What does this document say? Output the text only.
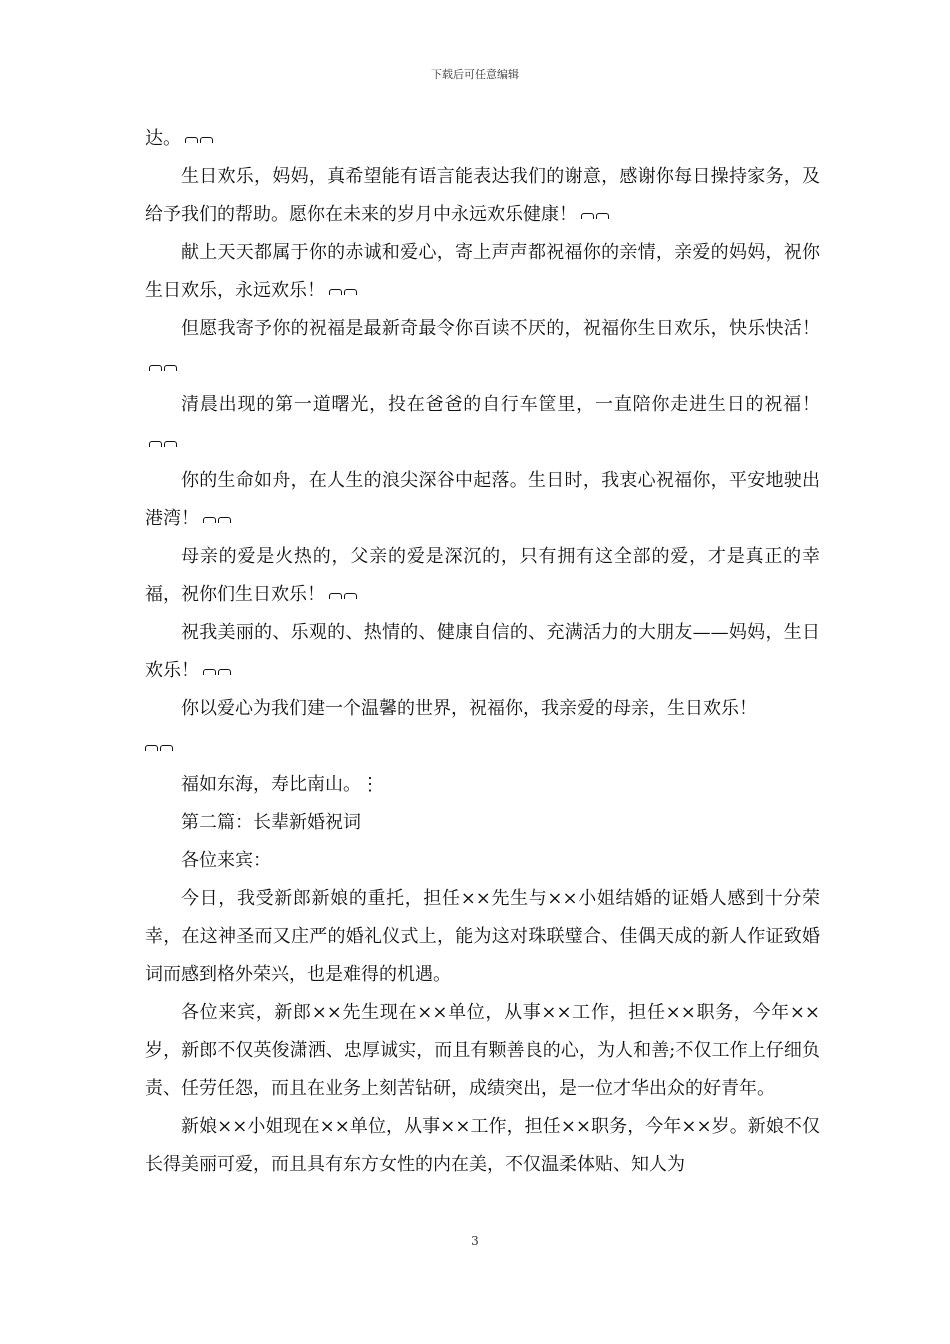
下载后可任意编辑

达。

生日欢乐，妈妈，真希望能有语言能表达我们的谢意，感谢你每日操持家务，及给予我们的帮助。愿你在未来的岁月中永远欢乐健康！

献上天天都属于你的赤诚和爱心，寄上声声都祝福你的亲情，亲爱的妈妈，祝你生日欢乐，永远欢乐！

但愿我寄予你的祝福是最新奇最令你百读不厌的，祝福你生日欢乐，快乐快活！

清晨出现的第一道曙光，投在爸爸的自行车筐里，一直陪你走进生日的祝福！

你的生命如舟，在人生的浪尖深谷中起落。生日时，我衷心祝福你，平安地驶出港湾！

母亲的爱是火热的，父亲的爱是深沉的，只有拥有这全部的爱，才是真正的幸福，祝你们生日欢乐！

祝我美丽的、乐观的、热情的、健康自信的、充满活力的大朋友——妈妈，生日欢乐！

你以爱心为我们建一个温馨的世界，祝福你，我亲爱的母亲，生日欢乐！

福如东海，寿比南山。⋮

第二篇：长辈新婚祝词

各位来宾：

今日，我受新郎新娘的重托，担任××先生与××小姐结婚的证婚人感到十分荣幸，在这神圣而又庄严的婚礼仪式上，能为这对珠联璧合、佳偶天成的新人作证致婚词而感到格外荣兴，也是难得的机遇。

各位来宾，新郎××先生现在××单位，从事××工作，担任××职务，今年××岁，新郎不仅英俊潇洒、忠厚诚实，而且有颗善良的心，为人和善;不仅工作上仔细负责、任劳任怨，而且在业务上刻苦钻研，成绩突出，是一位才华出众的好青年。

新娘××小姐现在××单位，从事××工作，担任××职务，今年××岁。新娘不仅长得美丽可爱，而且具有东方女性的内在美，不仅温柔体贴、知人为

3
